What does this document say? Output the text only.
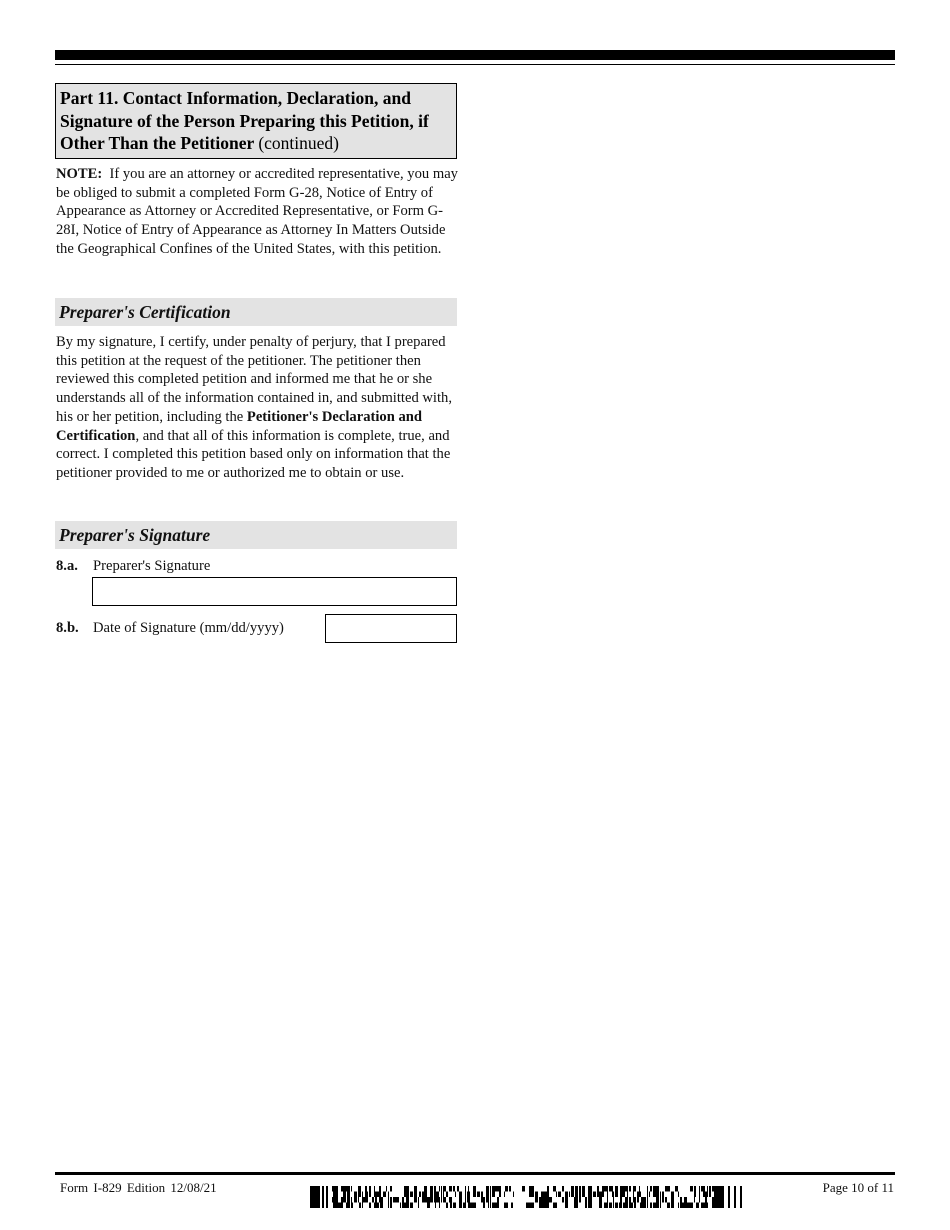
Part 11. Contact Information, Declaration, and Signature of the Person Preparing this Petition, if Other Than the Petitioner (continued)
NOTE: If you are an attorney or accredited representative, you may be obliged to submit a completed Form G-28, Notice of Entry of Appearance as Attorney or Accredited Representative, or Form G-28I, Notice of Entry of Appearance as Attorney In Matters Outside the Geographical Confines of the United States, with this petition.
Preparer's Certification
By my signature, I certify, under penalty of perjury, that I prepared this petition at the request of the petitioner. The petitioner then reviewed this completed petition and informed me that he or she understands all of the information contained in, and submitted with, his or her petition, including the Petitioner's Declaration and Certification, and that all of this information is complete, true, and correct. I completed this petition based only on information that the petitioner provided to me or authorized me to obtain or use.
Preparer's Signature
8.a. Preparer's Signature
8.b. Date of Signature (mm/dd/yyyy)
Form I-829 Edition 12/08/21	Page 10 of 11
